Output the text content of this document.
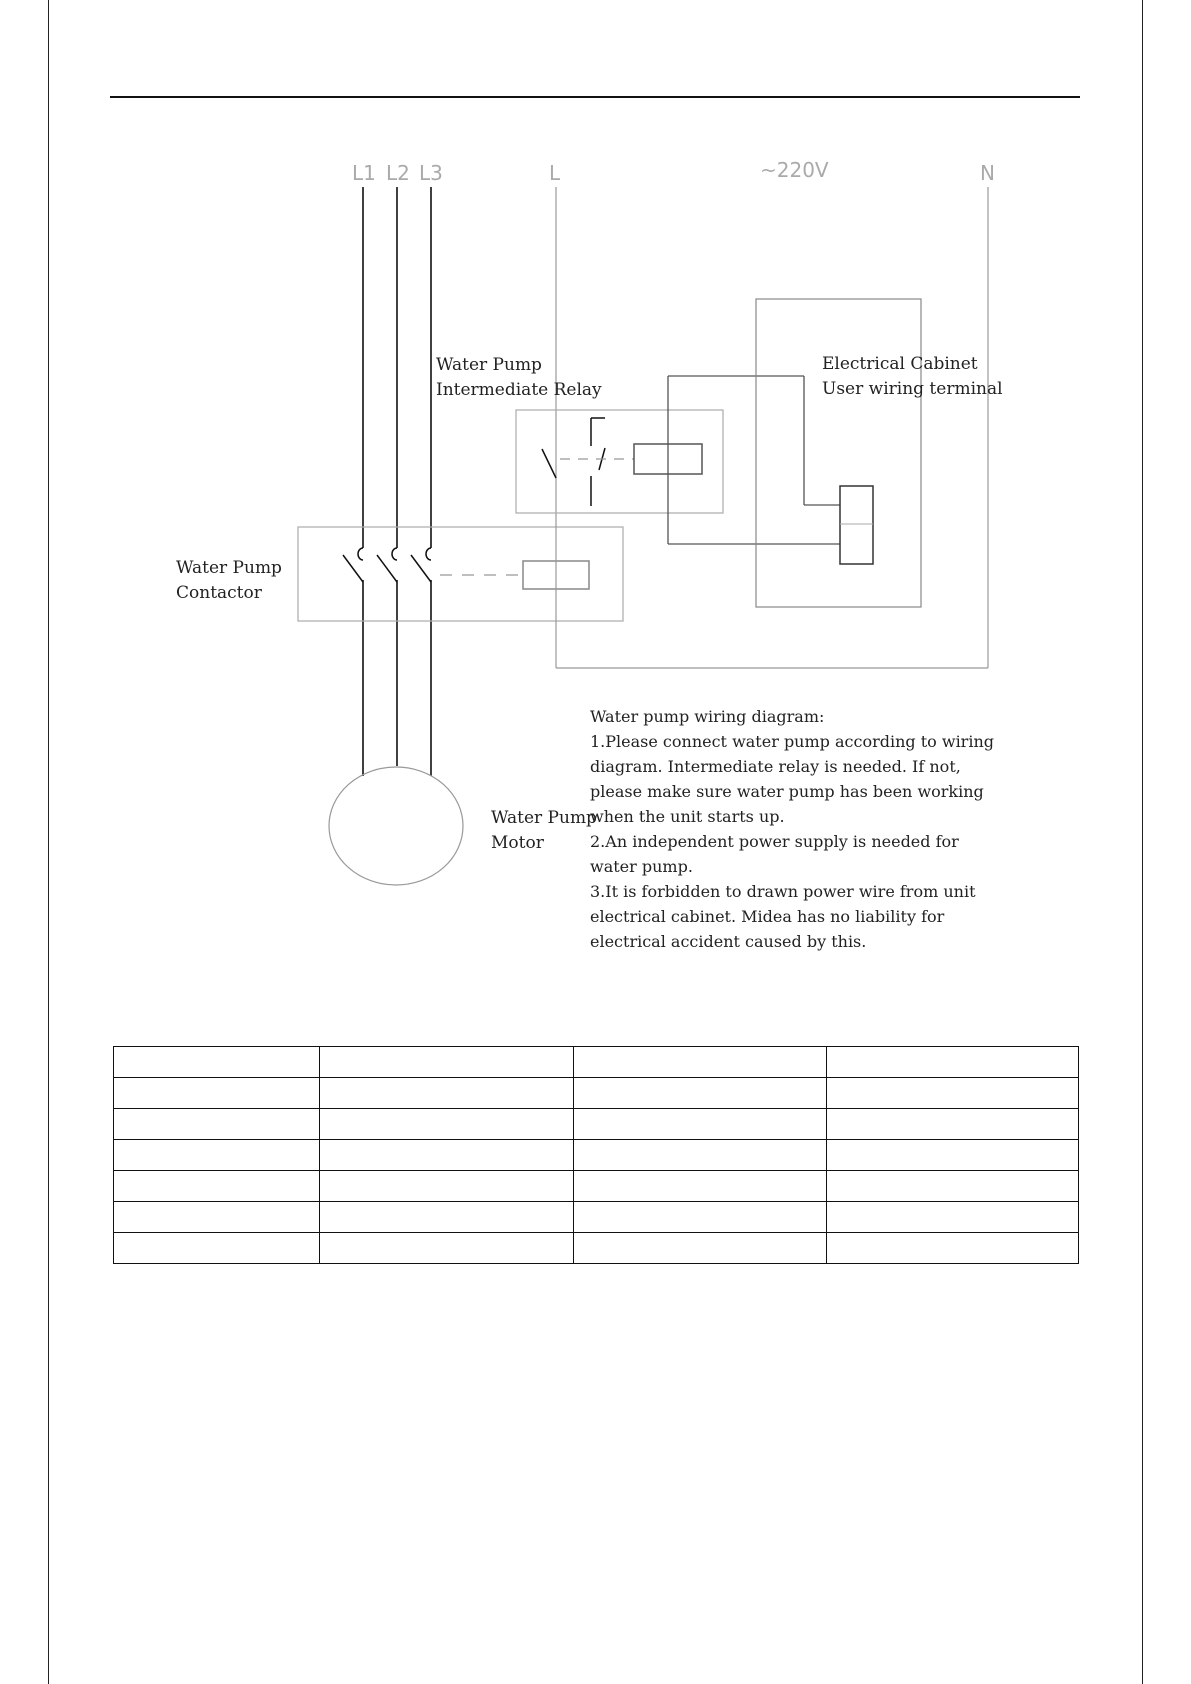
L1 L2 L3	L	~220V	N
Water Pump
Intermediate Relay
Electrical Cabinet
User wiring terminal
Water Pump
Contactor
Water Pump
Motor
Water pump wiring diagram:
1.Please connect water pump according to wiring diagram. Intermediate relay is needed. If not, please make sure water pump has been working when the unit starts up.
2.An independent power supply is needed for water pump.
3.It is forbidden to drawn power wire from unit electrical cabinet. Midea has no liability for electrical accident caused by this.
